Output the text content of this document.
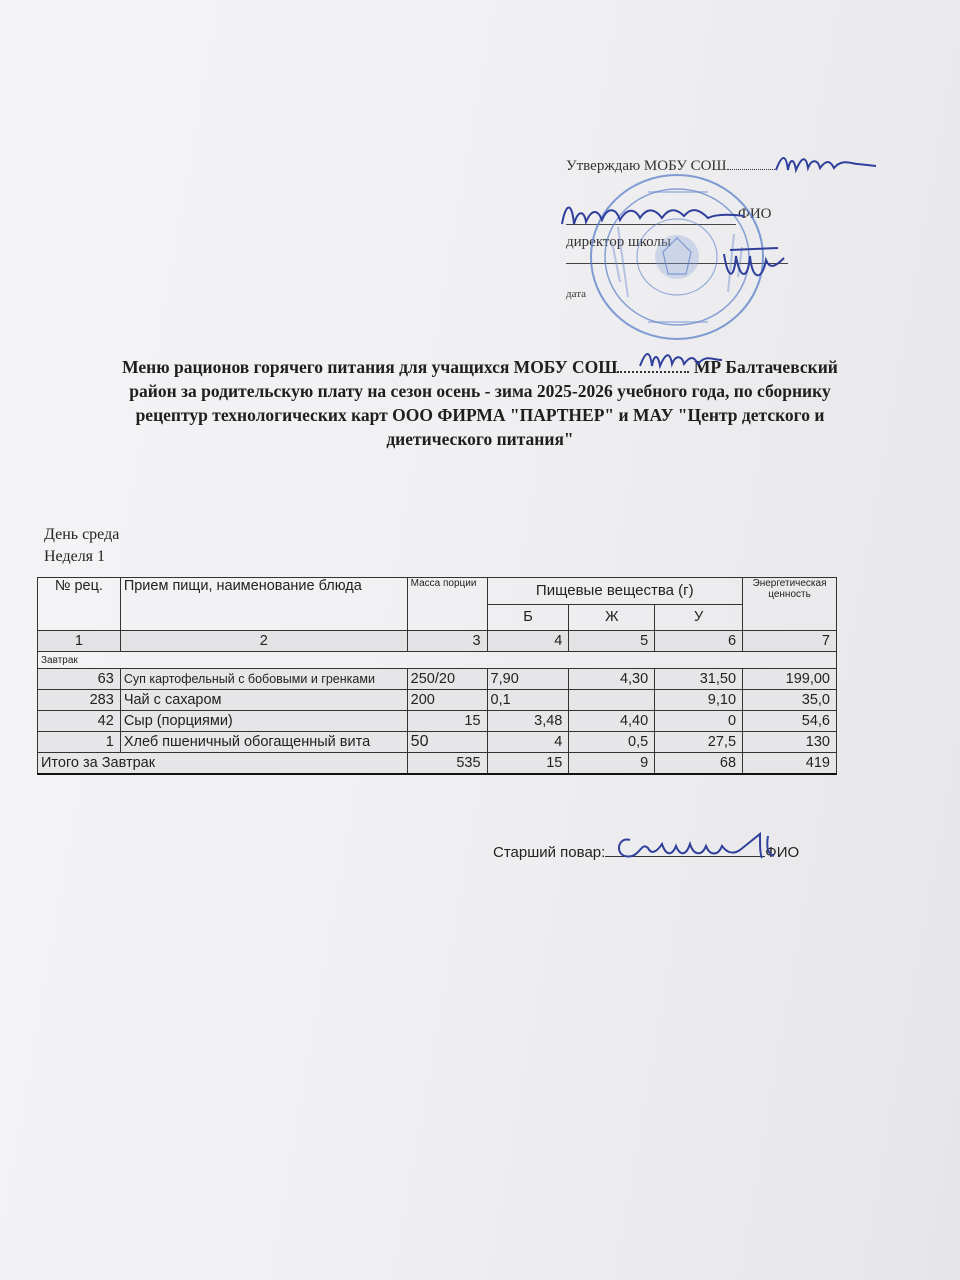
Утверждаю МОБУ СОШ
ФИО
директор школы
дата
Меню рационов горячего питания для учащихся МОБУ СОШ	МР Балтачевский
район за родительскую плату на сезон осень - зима 2025-2026 учебного года, по сборнику
рецептур технологических карт ООО ФИРМА "ПАРТНЕР" и МАУ "Центр детского и
диетического питания"
День среда
Неделя 1
№ рец.	Прием пищи, наименование блюда	Масса порции	Пищевые вещества (г)			Энергетическая ценность
			Б	Ж	У	
1	2	3	4	5	6	7
Завтрак						
63	Суп картофельный с бобовыми и гренками	250/20	7,90	4,30	31,50	199,00
283	Чай с сахаром	200	0,1		9,10	35,0
42	Сыр (порциями)	15	3,48	4,40	0	54,6
1	Хлеб пшеничный обогащенный вита	50	4	0,5	27,5	130
Итого за Завтрак		535	15	9	68	419
Старший повар:	ФИО
